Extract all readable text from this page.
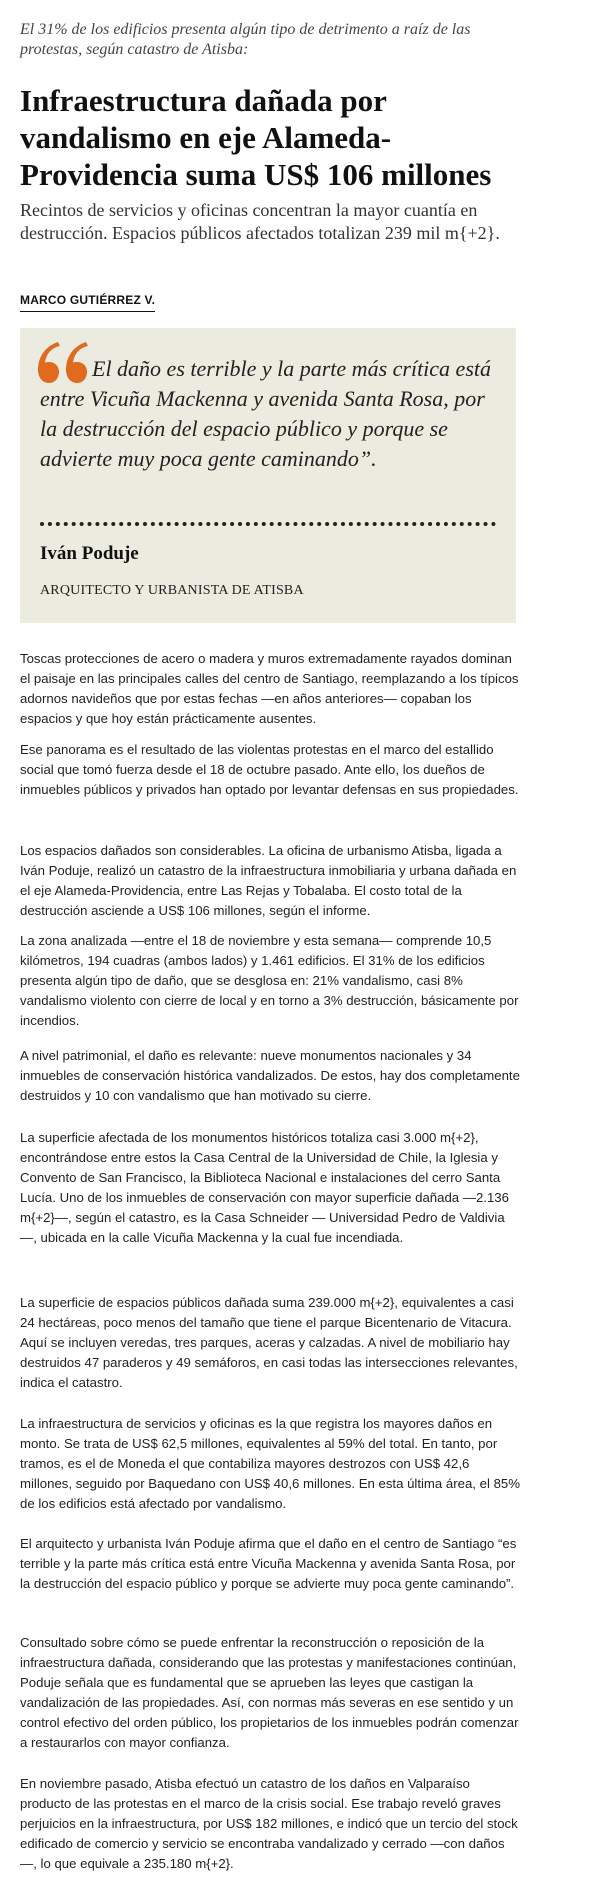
El 31% de los edificios presenta algún tipo de detrimento a raíz de las protestas, según catastro de Atisba:
Infraestructura dañada por vandalismo en eje Alameda-Providencia suma US$ 106 millones
Recintos de servicios y oficinas concentran la mayor cuantía en destrucción. Espacios públicos afectados totalizan 239 mil m{+2}.
MARCO GUTIÉRREZ V.

El daño es terrible y la parte más crítica está entre Vicuña Mackenna y avenida Santa Rosa, por la destrucción del espacio público y porque se advierte muy poca gente caminando”.

Iván Poduje
ARQUITECTO Y URBANISTA DE ATISBA

Toscas protecciones de acero o madera y muros extremadamente rayados dominan el paisaje en las principales calles del centro de Santiago, reemplazando a los típicos adornos navideños que por estas fechas —en años anteriores— copaban los espacios y que hoy están prácticamente ausentes.

Ese panorama es el resultado de las violentas protestas en el marco del estallido social que tomó fuerza desde el 18 de octubre pasado. Ante ello, los dueños de inmuebles públicos y privados han optado por levantar defensas en sus propiedades.

Los espacios dañados son considerables. La oficina de urbanismo Atisba, ligada a Iván Poduje, realizó un catastro de la infraestructura inmobiliaria y urbana dañada en el eje Alameda-Providencia, entre Las Rejas y Tobalaba. El costo total de la destrucción asciende a US$ 106 millones, según el informe.

La zona analizada —entre el 18 de noviembre y esta semana— comprende 10,5 kilómetros, 194 cuadras (ambos lados) y 1.461 edificios. El 31% de los edificios presenta algún tipo de daño, que se desglosa en: 21% vandalismo, casi 8% vandalismo violento con cierre de local y en torno a 3% destrucción, básicamente por incendios.

A nivel patrimonial, el daño es relevante: nueve monumentos nacionales y 34 inmuebles de conservación histórica vandalizados. De estos, hay dos completamente destruidos y 10 con vandalismo que han motivado su cierre.

La superficie afectada de los monumentos históricos totaliza casi 3.000 m{+2}, encontrándose entre estos la Casa Central de la Universidad de Chile, la Iglesia y Convento de San Francisco, la Biblioteca Nacional e instalaciones del cerro Santa Lucía. Uno de los inmuebles de conservación con mayor superficie dañada —2.136 m{+2}—, según el catastro, es la Casa Schneider — Universidad Pedro de Valdivia—, ubicada en la calle Vicuña Mackenna y la cual fue incendiada.

La superficie de espacios públicos dañada suma 239.000 m{+2}, equivalentes a casi 24 hectáreas, poco menos del tamaño que tiene el parque Bicentenario de Vitacura. Aquí se incluyen veredas, tres parques, aceras y calzadas. A nivel de mobiliario hay destruidos 47 paraderos y 49 semáforos, en casi todas las intersecciones relevantes, indica el catastro.

La infraestructura de servicios y oficinas es la que registra los mayores daños en monto. Se trata de US$ 62,5 millones, equivalentes al 59% del total. En tanto, por tramos, es el de Moneda el que contabiliza mayores destrozos con US$ 42,6 millones, seguido por Baquedano con US$ 40,6 millones. En esta última área, el 85% de los edificios está afectado por vandalismo.

El arquitecto y urbanista Iván Poduje afirma que el daño en el centro de Santiago “es terrible y la parte más crítica está entre Vicuña Mackenna y avenida Santa Rosa, por la destrucción del espacio público y porque se advierte muy poca gente caminando”.

Consultado sobre cómo se puede enfrentar la reconstrucción o reposición de la infraestructura dañada, considerando que las protestas y manifestaciones continúan, Poduje señala que es fundamental que se aprueben las leyes que castigan la vandalización de las propiedades. Así, con normas más severas en ese sentido y un control efectivo del orden público, los propietarios de los inmuebles podrán comenzar a restaurarlos con mayor confianza.

En noviembre pasado, Atisba efectuó un catastro de los daños en Valparaíso producto de las protestas en el marco de la crisis social. Ese trabajo reveló graves perjuicios en la infraestructura, por US$ 182 millones, e indicó que un tercio del stock edificado de comercio y servicio se encontraba vandalizado y cerrado —con daños—, lo que equivale a 235.180 m{+2}.
